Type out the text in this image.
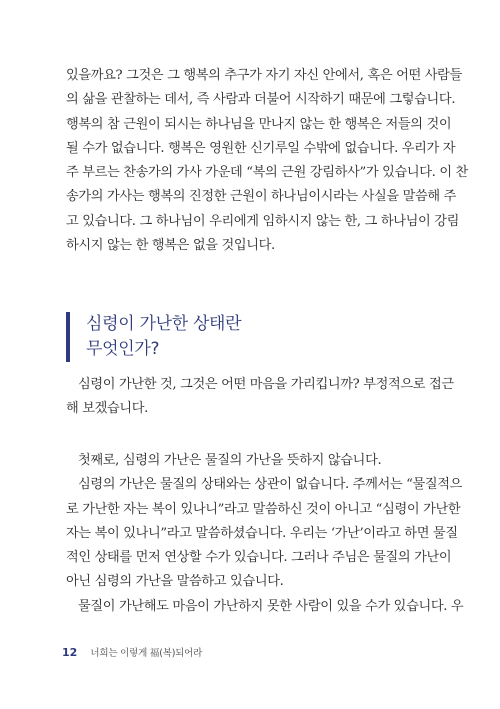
있을까요? 그것은 그 행복의 추구가 자기 자신 안에서, 혹은 어떤 사람들
의 삶을 관찰하는 데서, 즉 사람과 더불어 시작하기 때문에 그렇습니다.
행복의 참 근원이 되시는 하나님을 만나지 않는 한 행복은 저들의 것이
될 수가 없습니다. 행복은 영원한 신기루일 수밖에 없습니다. 우리가 자
주 부르는 찬송가의 가사 가운데 “복의 근원 강림하사”가 있습니다. 이 찬
송가의 가사는 행복의 진정한 근원이 하나님이시라는 사실을 말씀해 주
고 있습니다. 그 하나님이 우리에게 임하시지 않는 한, 그 하나님이 강림
하시지 않는 한 행복은 없을 것입니다.
심령이 가난한 상태란
무엇인가?
심령이 가난한 것, 그것은 어떤 마음을 가리킵니까? 부정적으로 접근
해 보겠습니다.
첫째로, 심령의 가난은 물질의 가난을 뜻하지 않습니다.
심령의 가난은 물질의 상태와는 상관이 없습니다. 주께서는 “물질적으
로 가난한 자는 복이 있나니”라고 말씀하신 것이 아니고 “심령이 가난한
자는 복이 있나니”라고 말씀하셨습니다. 우리는 ‘가난’이라고 하면 물질
적인 상태를 먼저 연상할 수가 있습니다. 그러나 주님은 물질의 가난이
아닌 심령의 가난을 말씀하고 있습니다.
물질이 가난해도 마음이 가난하지 못한 사람이 있을 수가 있습니다. 우
12 너희는 이렇게 福(복)되어라
